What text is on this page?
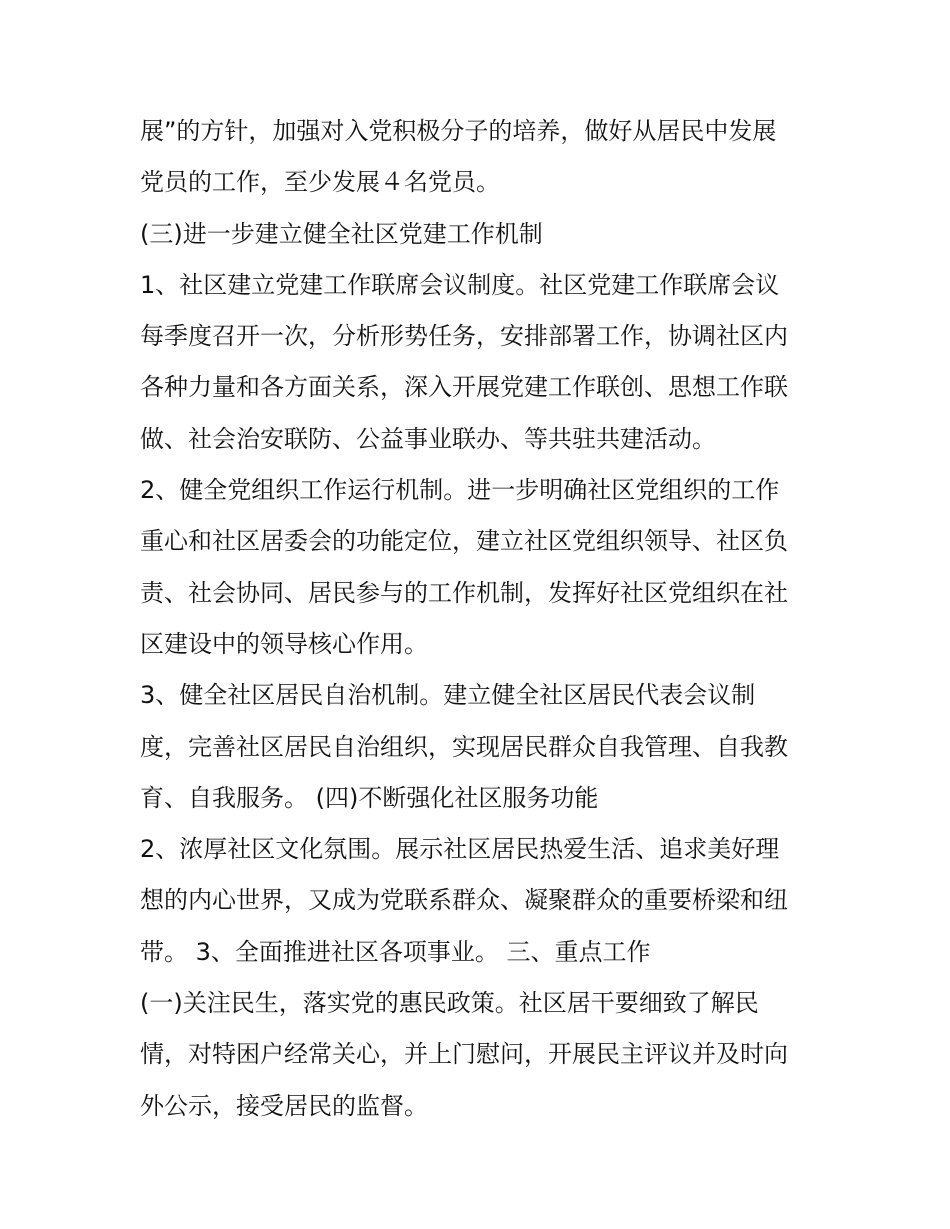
展”的方针，加强对入党积极分子的培养，做好从居民中发展
党员的工作，至少发展４名党员。
(三)进一步建立健全社区党建工作机制
1、社区建立党建工作联席会议制度。社区党建工作联席会议
每季度召开一次，分析形势任务，安排部署工作，协调社区内
各种力量和各方面关系，深入开展党建工作联创、思想工作联
做、社会治安联防、公益事业联办、等共驻共建活动。
2、健全党组织工作运行机制。进一步明确社区党组织的工作
重心和社区居委会的功能定位，建立社区党组织领导、社区负
责、社会协同、居民参与的工作机制，发挥好社区党组织在社
区建设中的领导核心作用。
3、健全社区居民自治机制。建立健全社区居民代表会议制
度，完善社区居民自治组织，实现居民群众自我管理、自我教
育、自我服务。 (四)不断强化社区服务功能
2、浓厚社区文化氛围。展示社区居民热爱生活、追求美好理
想的内心世界，又成为党联系群众、凝聚群众的重要桥梁和纽
带。 3、全面推进社区各项事业。 三、重点工作
(一)关注民生，落实党的惠民政策。社区居干要细致了解民
情，对特困户经常关心，并上门慰问，开展民主评议并及时向
外公示，接受居民的监督。
